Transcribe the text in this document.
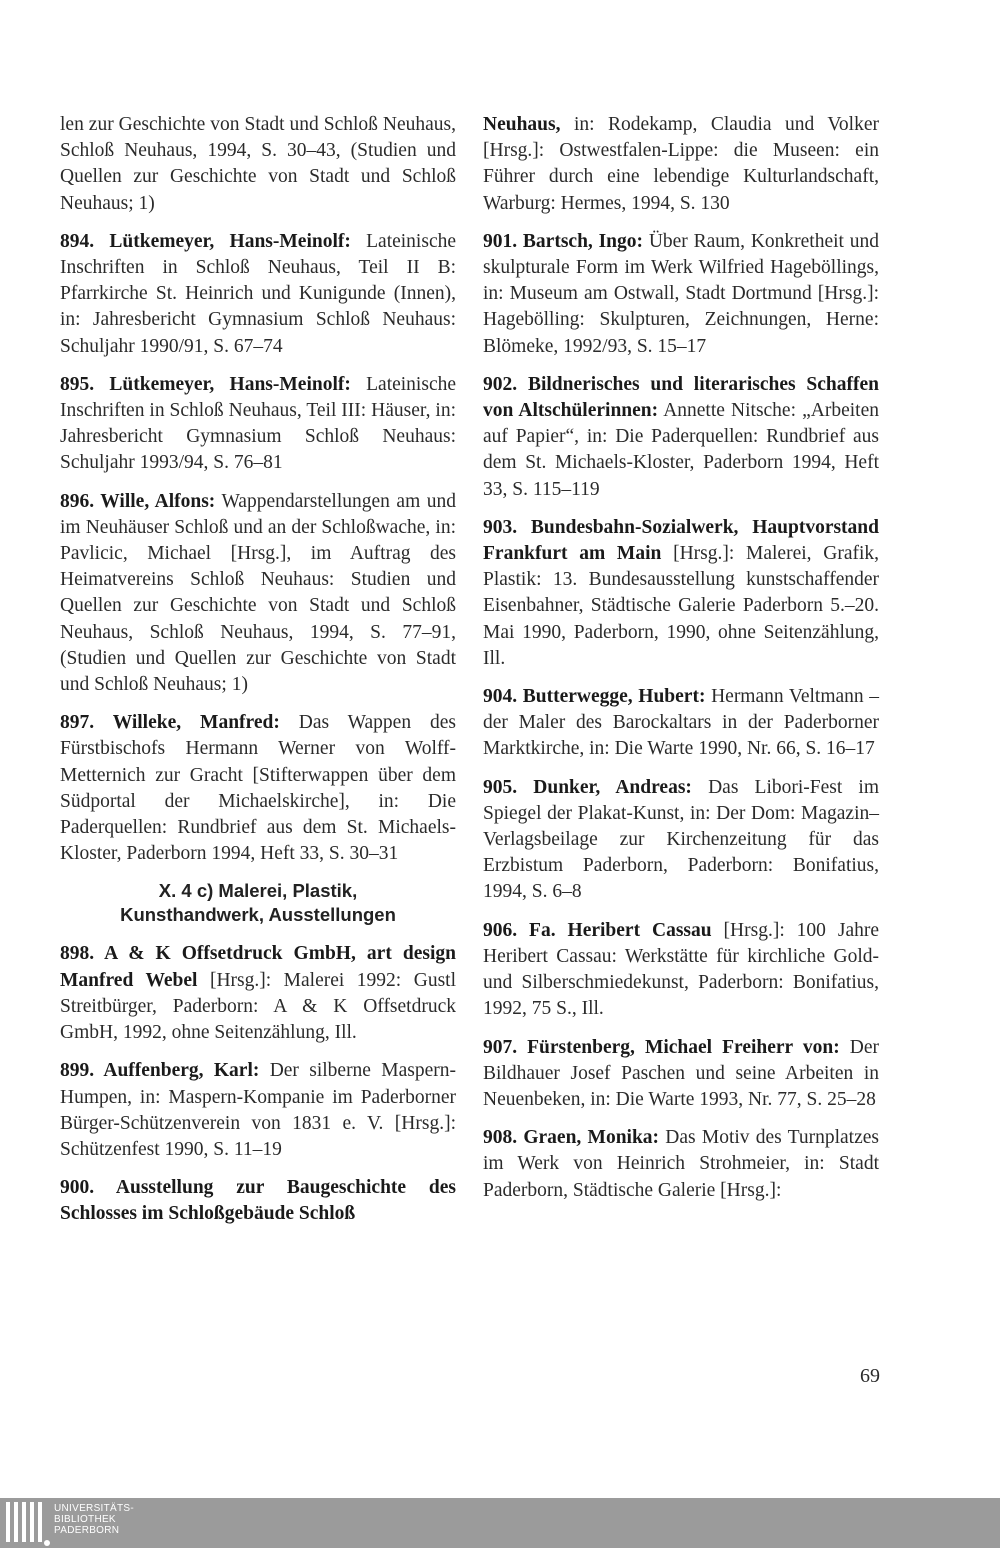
len zur Geschichte von Stadt und Schloß Neuhaus, Schloß Neuhaus, 1994, S. 30–43, (Studien und Quellen zur Geschichte von Stadt und Schloß Neuhaus; 1)

894. Lütkemeyer, Hans-Meinolf: Lateinische Inschriften in Schloß Neuhaus, Teil II B: Pfarrkirche St. Heinrich und Kunigunde (Innen), in: Jahresbericht Gymnasium Schloß Neuhaus: Schuljahr 1990/91, S. 67–74

895. Lütkemeyer, Hans-Meinolf: Lateinische Inschriften in Schloß Neuhaus, Teil III: Häuser, in: Jahresbericht Gymnasium Schloß Neuhaus: Schuljahr 1993/94, S. 76–81

896. Wille, Alfons: Wappendarstellungen am und im Neuhäuser Schloß und an der Schloßwache, in: Pavlicic, Michael [Hrsg.], im Auftrag des Heimatvereins Schloß Neuhaus: Studien und Quellen zur Geschichte von Stadt und Schloß Neuhaus, Schloß Neuhaus, 1994, S. 77–91, (Studien und Quellen zur Geschichte von Stadt und Schloß Neuhaus; 1)

897. Willeke, Manfred: Das Wappen des Fürstbischofs Hermann Werner von Wolff-Metternich zur Gracht [Stifterwappen über dem Südportal der Michaelskirche], in: Die Paderquellen: Rundbrief aus dem St. Michaels-Kloster, Paderborn 1994, Heft 33, S. 30–31

X. 4 c) Malerei, Plastik,
Kunsthandwerk, Ausstellungen

898. A & K Offsetdruck GmbH, art design Manfred Webel [Hrsg.]: Malerei 1992: Gustl Streitbürger, Paderborn: A & K Offsetdruck GmbH, 1992, ohne Seitenzählung, Ill.

899. Auffenberg, Karl: Der silberne Maspern-Humpen, in: Maspern-Kompanie im Paderborner Bürger-Schützenverein von 1831 e. V. [Hrsg.]: Schützenfest 1990, S. 11–19

900. Ausstellung zur Baugeschichte des Schlosses im Schloßgebäude Schloß

Neuhaus, in: Rodekamp, Claudia und Volker [Hrsg.]: Ostwestfalen-Lippe: die Museen: ein Führer durch eine lebendige Kulturlandschaft, Warburg: Hermes, 1994, S. 130

901. Bartsch, Ingo: Über Raum, Konkretheit und skulpturale Form im Werk Wilfried Hageböllings, in: Museum am Ostwall, Stadt Dortmund [Hrsg.]: Hagebölling: Skulpturen, Zeichnungen, Herne: Blömeke, 1992/93, S. 15–17

902. Bildnerisches und literarisches Schaffen von Altschülerinnen: Annette Nitsche: „Arbeiten auf Papier“, in: Die Paderquellen: Rundbrief aus dem St. Michaels-Kloster, Paderborn 1994, Heft 33, S. 115–119

903. Bundesbahn-Sozialwerk, Hauptvorstand Frankfurt am Main [Hrsg.]: Malerei, Grafik, Plastik: 13. Bundesausstellung kunstschaffender Eisenbahner, Städtische Galerie Paderborn 5.–20. Mai 1990, Paderborn, 1990, ohne Seitenzählung, Ill.

904. Butterwegge, Hubert: Hermann Veltmann – der Maler des Barockaltars in der Paderborner Marktkirche, in: Die Warte 1990, Nr. 66, S. 16–17

905. Dunker, Andreas: Das Libori-Fest im Spiegel der Plakat-Kunst, in: Der Dom: Magazin–Verlagsbeilage zur Kirchenzeitung für das Erzbistum Paderborn, Paderborn: Bonifatius, 1994, S. 6–8

906. Fa. Heribert Cassau [Hrsg.]: 100 Jahre Heribert Cassau: Werkstätte für kirchliche Gold- und Silberschmiedekunst, Paderborn: Bonifatius, 1992, 75 S., Ill.

907. Fürstenberg, Michael Freiherr von: Der Bildhauer Josef Paschen und seine Arbeiten in Neuenbeken, in: Die Warte 1993, Nr. 77, S. 25–28

908. Graen, Monika: Das Motiv des Turnplatzes im Werk von Heinrich Strohmeier, in: Stadt Paderborn, Städtische Galerie [Hrsg.]:

69
UNIVERSITÄTS-
BIBLIOTHEK
PADERBORN
